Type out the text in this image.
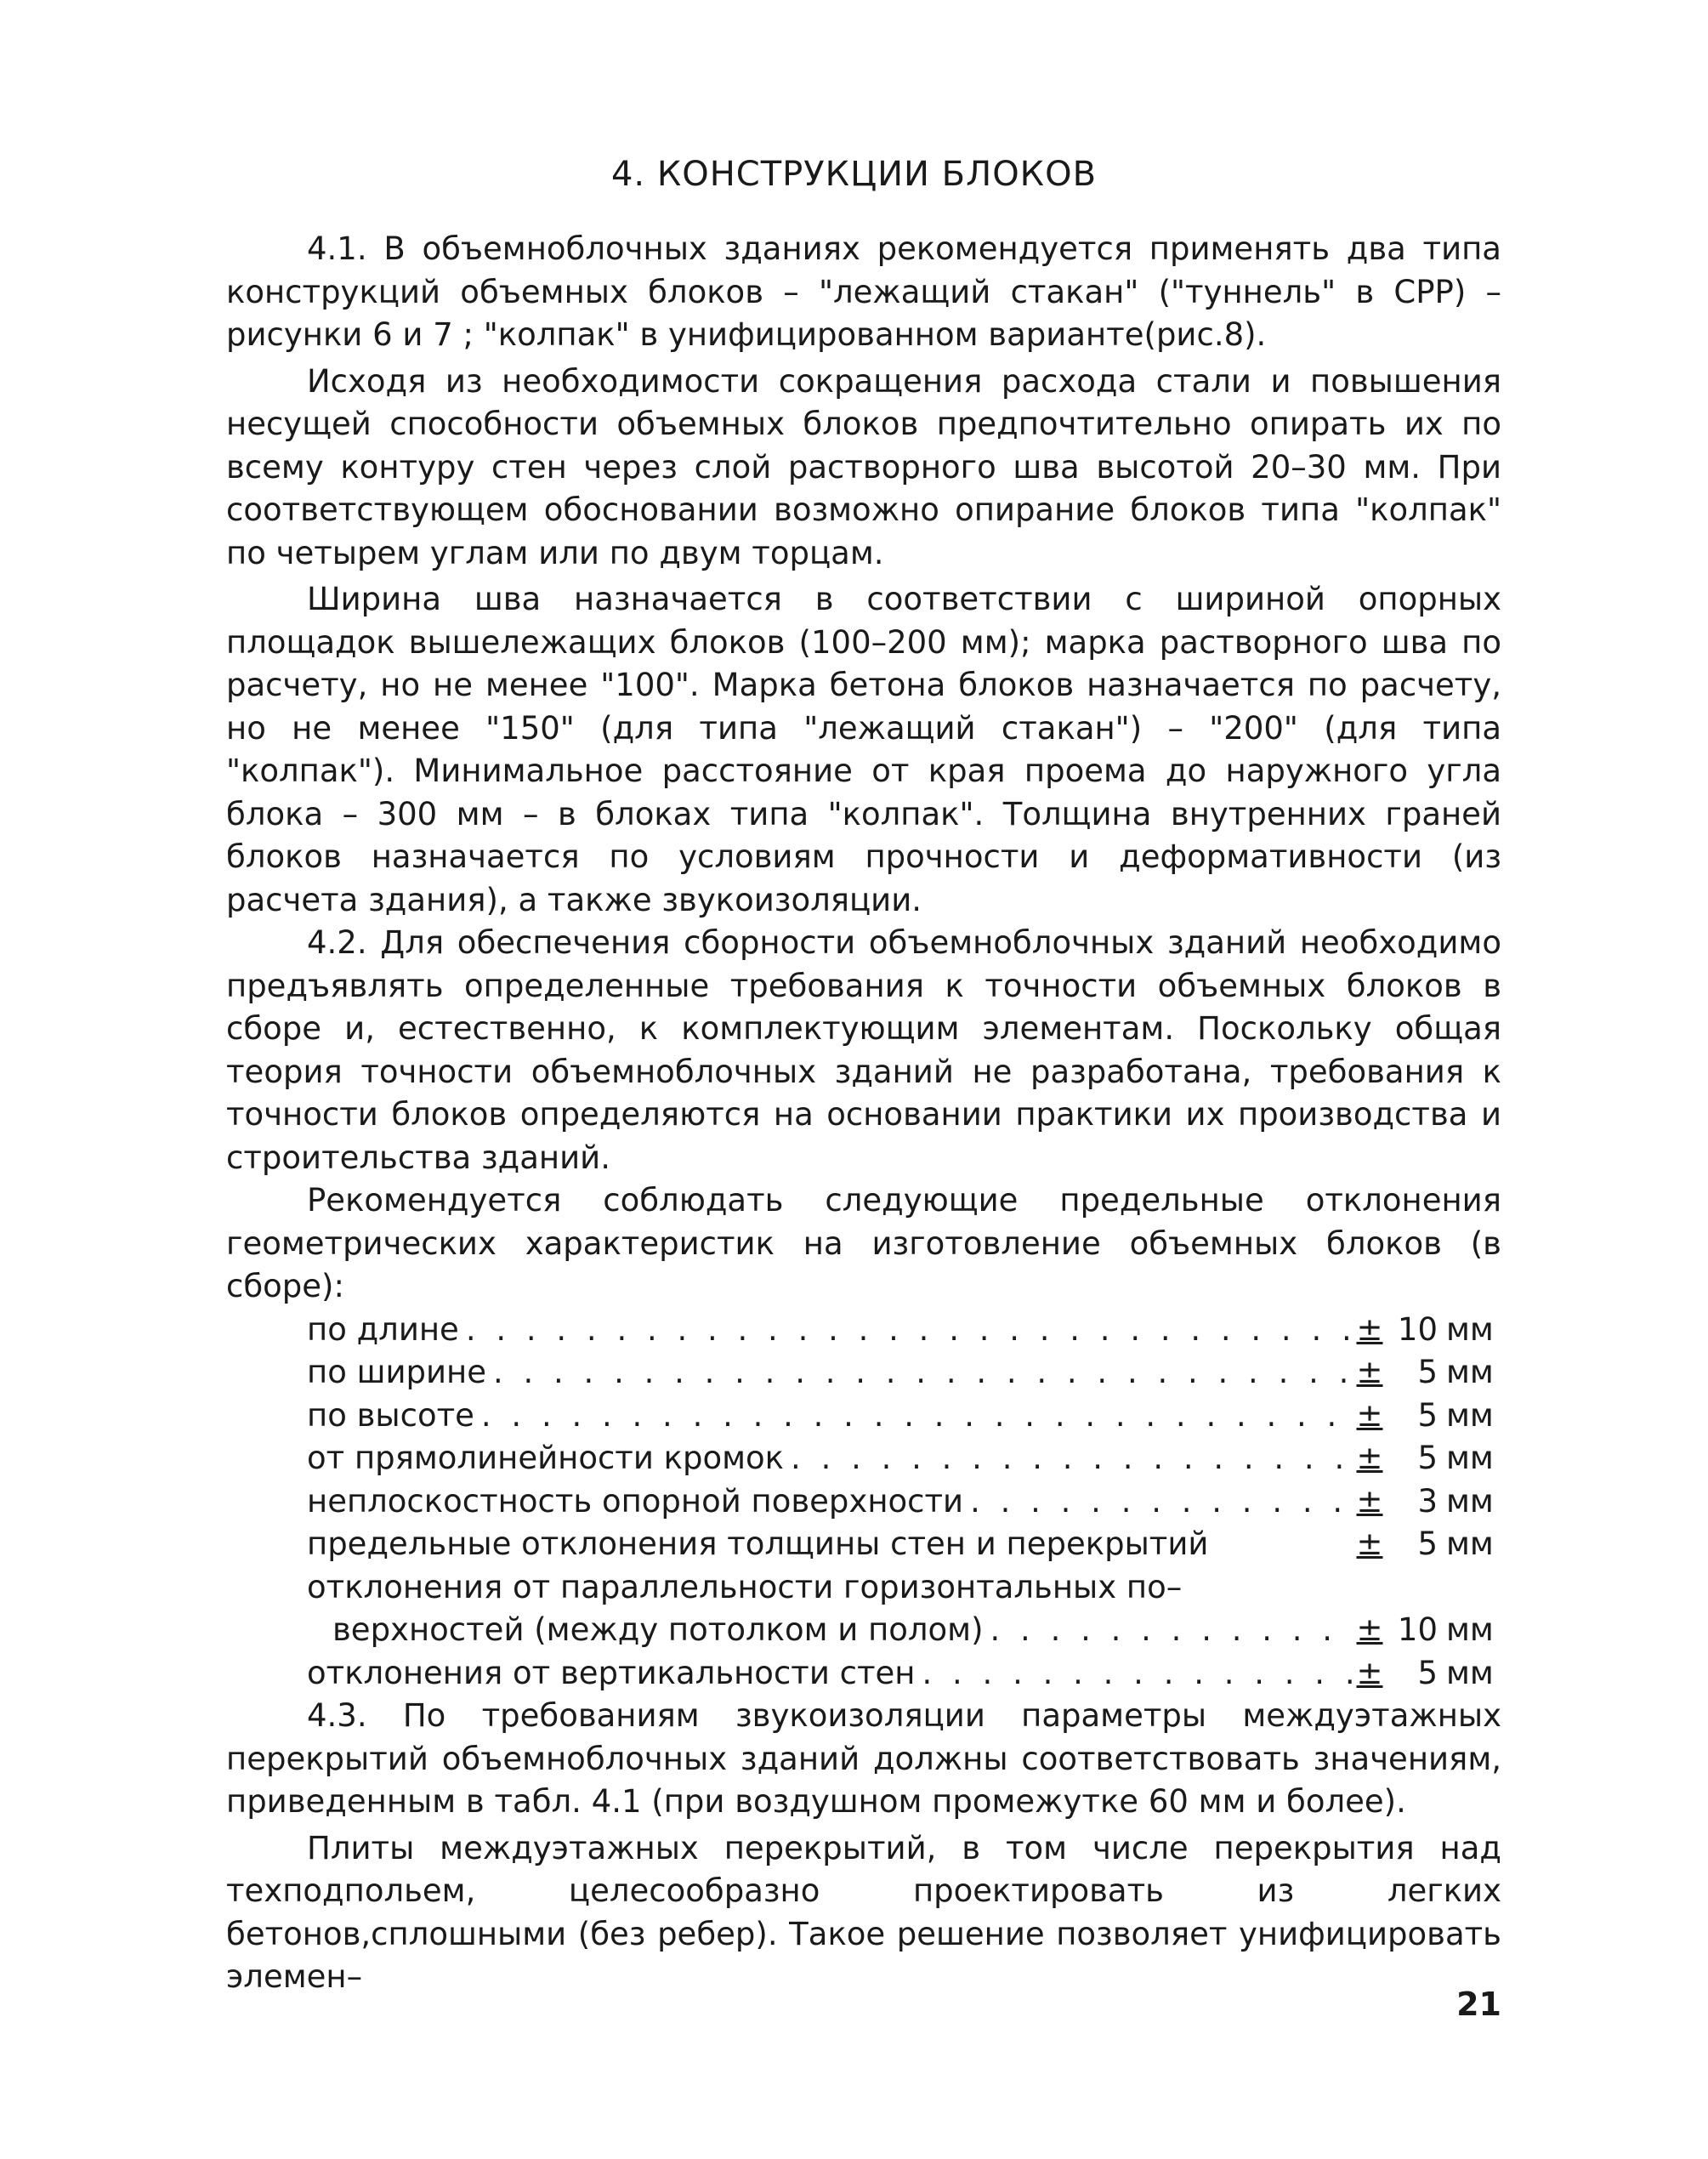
4. КОНСТРУКЦИИ БЛОКОВ

4.1. В объемноблочных зданиях рекомендуется применять два типа конструкций объемных блоков – "лежащий стакан" ("туннель" в СРР) – рисунки 6 и 7 ; "колпак" в унифицированном варианте(рис.8).

Исходя из необходимости сокращения расхода стали и повышения несущей способности объемных блоков предпочтительно опирать их по всему контуру стен через слой растворного шва высотой 20–30 мм. При соответствующем обосновании возможно опирание блоков типа "колпак" по четырем углам или по двум торцам.

Ширина шва назначается в соответствии с шириной опорных площадок вышележащих блоков (100–200 мм); марка растворного шва по расчету, но не менее "100". Марка бетона блоков назначается по расчету, но не менее "150" (для типа "лежащий стакан") – "200" (для типа "колпак"). Минимальное расстояние от края проема до наружного угла блока – 300 мм – в блоках типа "колпак". Толщина внутренних граней блоков назначается по условиям прочности и деформативности (из расчета здания), а также звукоизоляции.

4.2. Для обеспечения сборности объемноблочных зданий необходимо предъявлять определенные требования к точности объемных блоков в сборе и, естественно, к комплектующим элементам. Поскольку общая теория точности объемноблочных зданий не разработана, требования к точности блоков определяются на основании практики их производства и строительства зданий.

Рекомендуется соблюдать следующие предельные отклонения геометрических характеристик на изготовление объемных блоков (в сборе):

по длине . . .	± 10 мм
по ширине . . .	±	5 мм
по высоте . . .	±	5 мм
от прямолинейности кромок . . .	±	5 мм
неплоскостность опорной поверхности . . .	±	3 мм
предельные отклонения толщины стен и перекрытий	±	5 мм
отклонения от параллельности горизонтальных по–
верхностей (между потолком и полом) . . .	± 10 мм
отклонения от вертикальности стен . . .	±	5 мм

4.3. По требованиям звукоизоляции параметры междуэтажных перекрытий объемноблочных зданий должны соответствовать значениям, приведенным в табл. 4.1 (при воздушном промежутке 60 мм и более).

Плиты междуэтажных перекрытий, в том числе перекрытия над техподпольем, целесообразно проектировать из легких бетонов,сплошными (без ребер). Такое решение позволяет унифицировать элемен–

21
